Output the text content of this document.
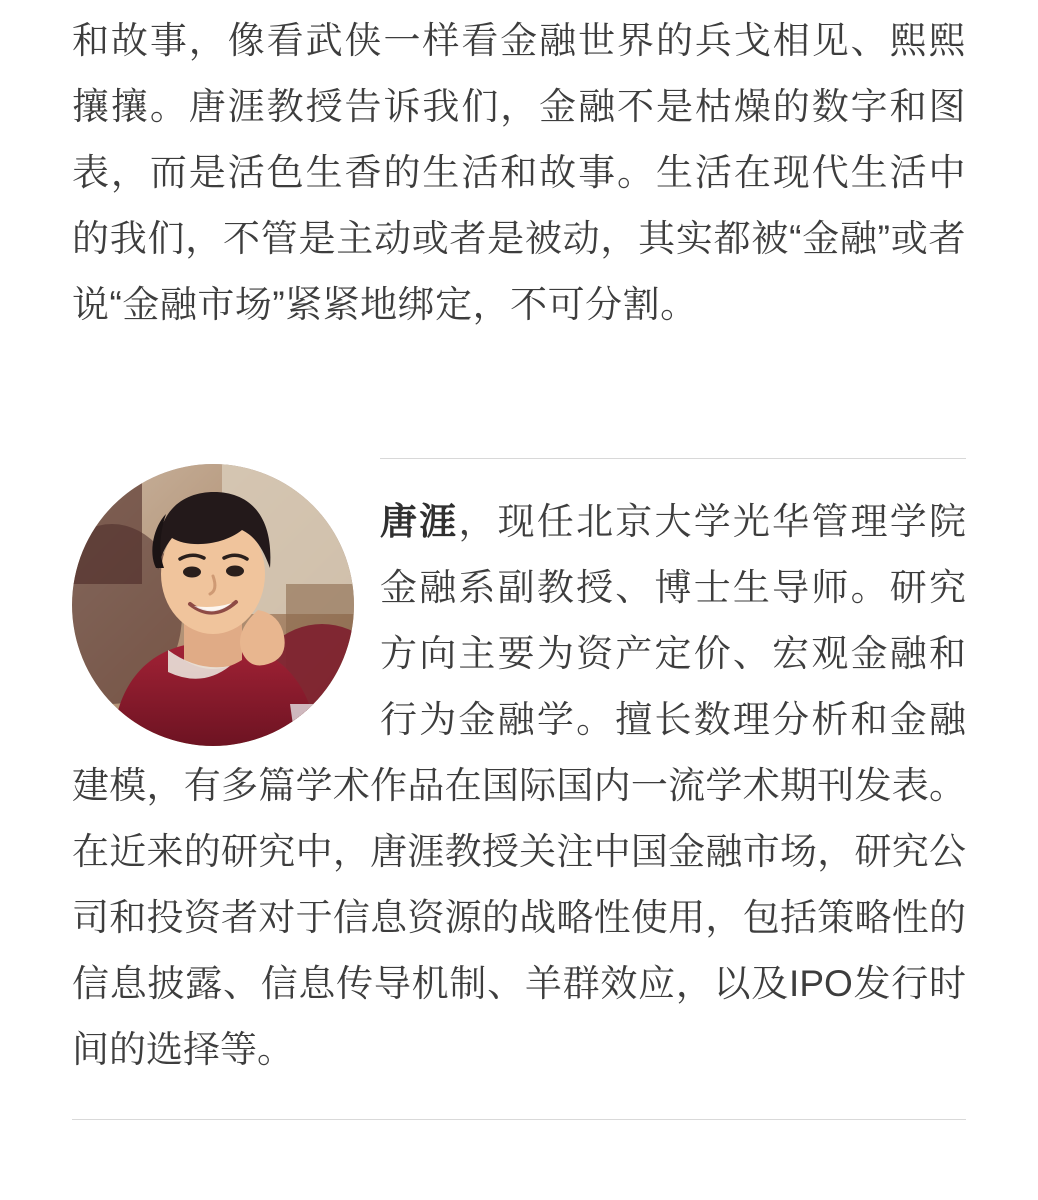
和故事，像看武侠一样看金融世界的兵戈相见、熙熙攘攘。唐涯教授告诉我们，金融不是枯燥的数字和图表，而是活色生香的生活和故事。生活在现代生活中的我们，不管是主动或者是被动，其实都被“金融”或者说“金融市场”紧紧地绑定，不可分割。

唐涯，现任北京大学光华管理学院金融系副教授、博士生导师。研究方向主要为资产定价、宏观金融和行为金融学。擅长数理分析和金融建模，有多篇学术作品在国际国内一流学术期刊发表。在近来的研究中，唐涯教授关注中国金融市场，研究公司和投资者对于信息资源的战略性使用，包括策略性的信息披露、信息传导机制、羊群效应，以及IPO发行时间的选择等。
